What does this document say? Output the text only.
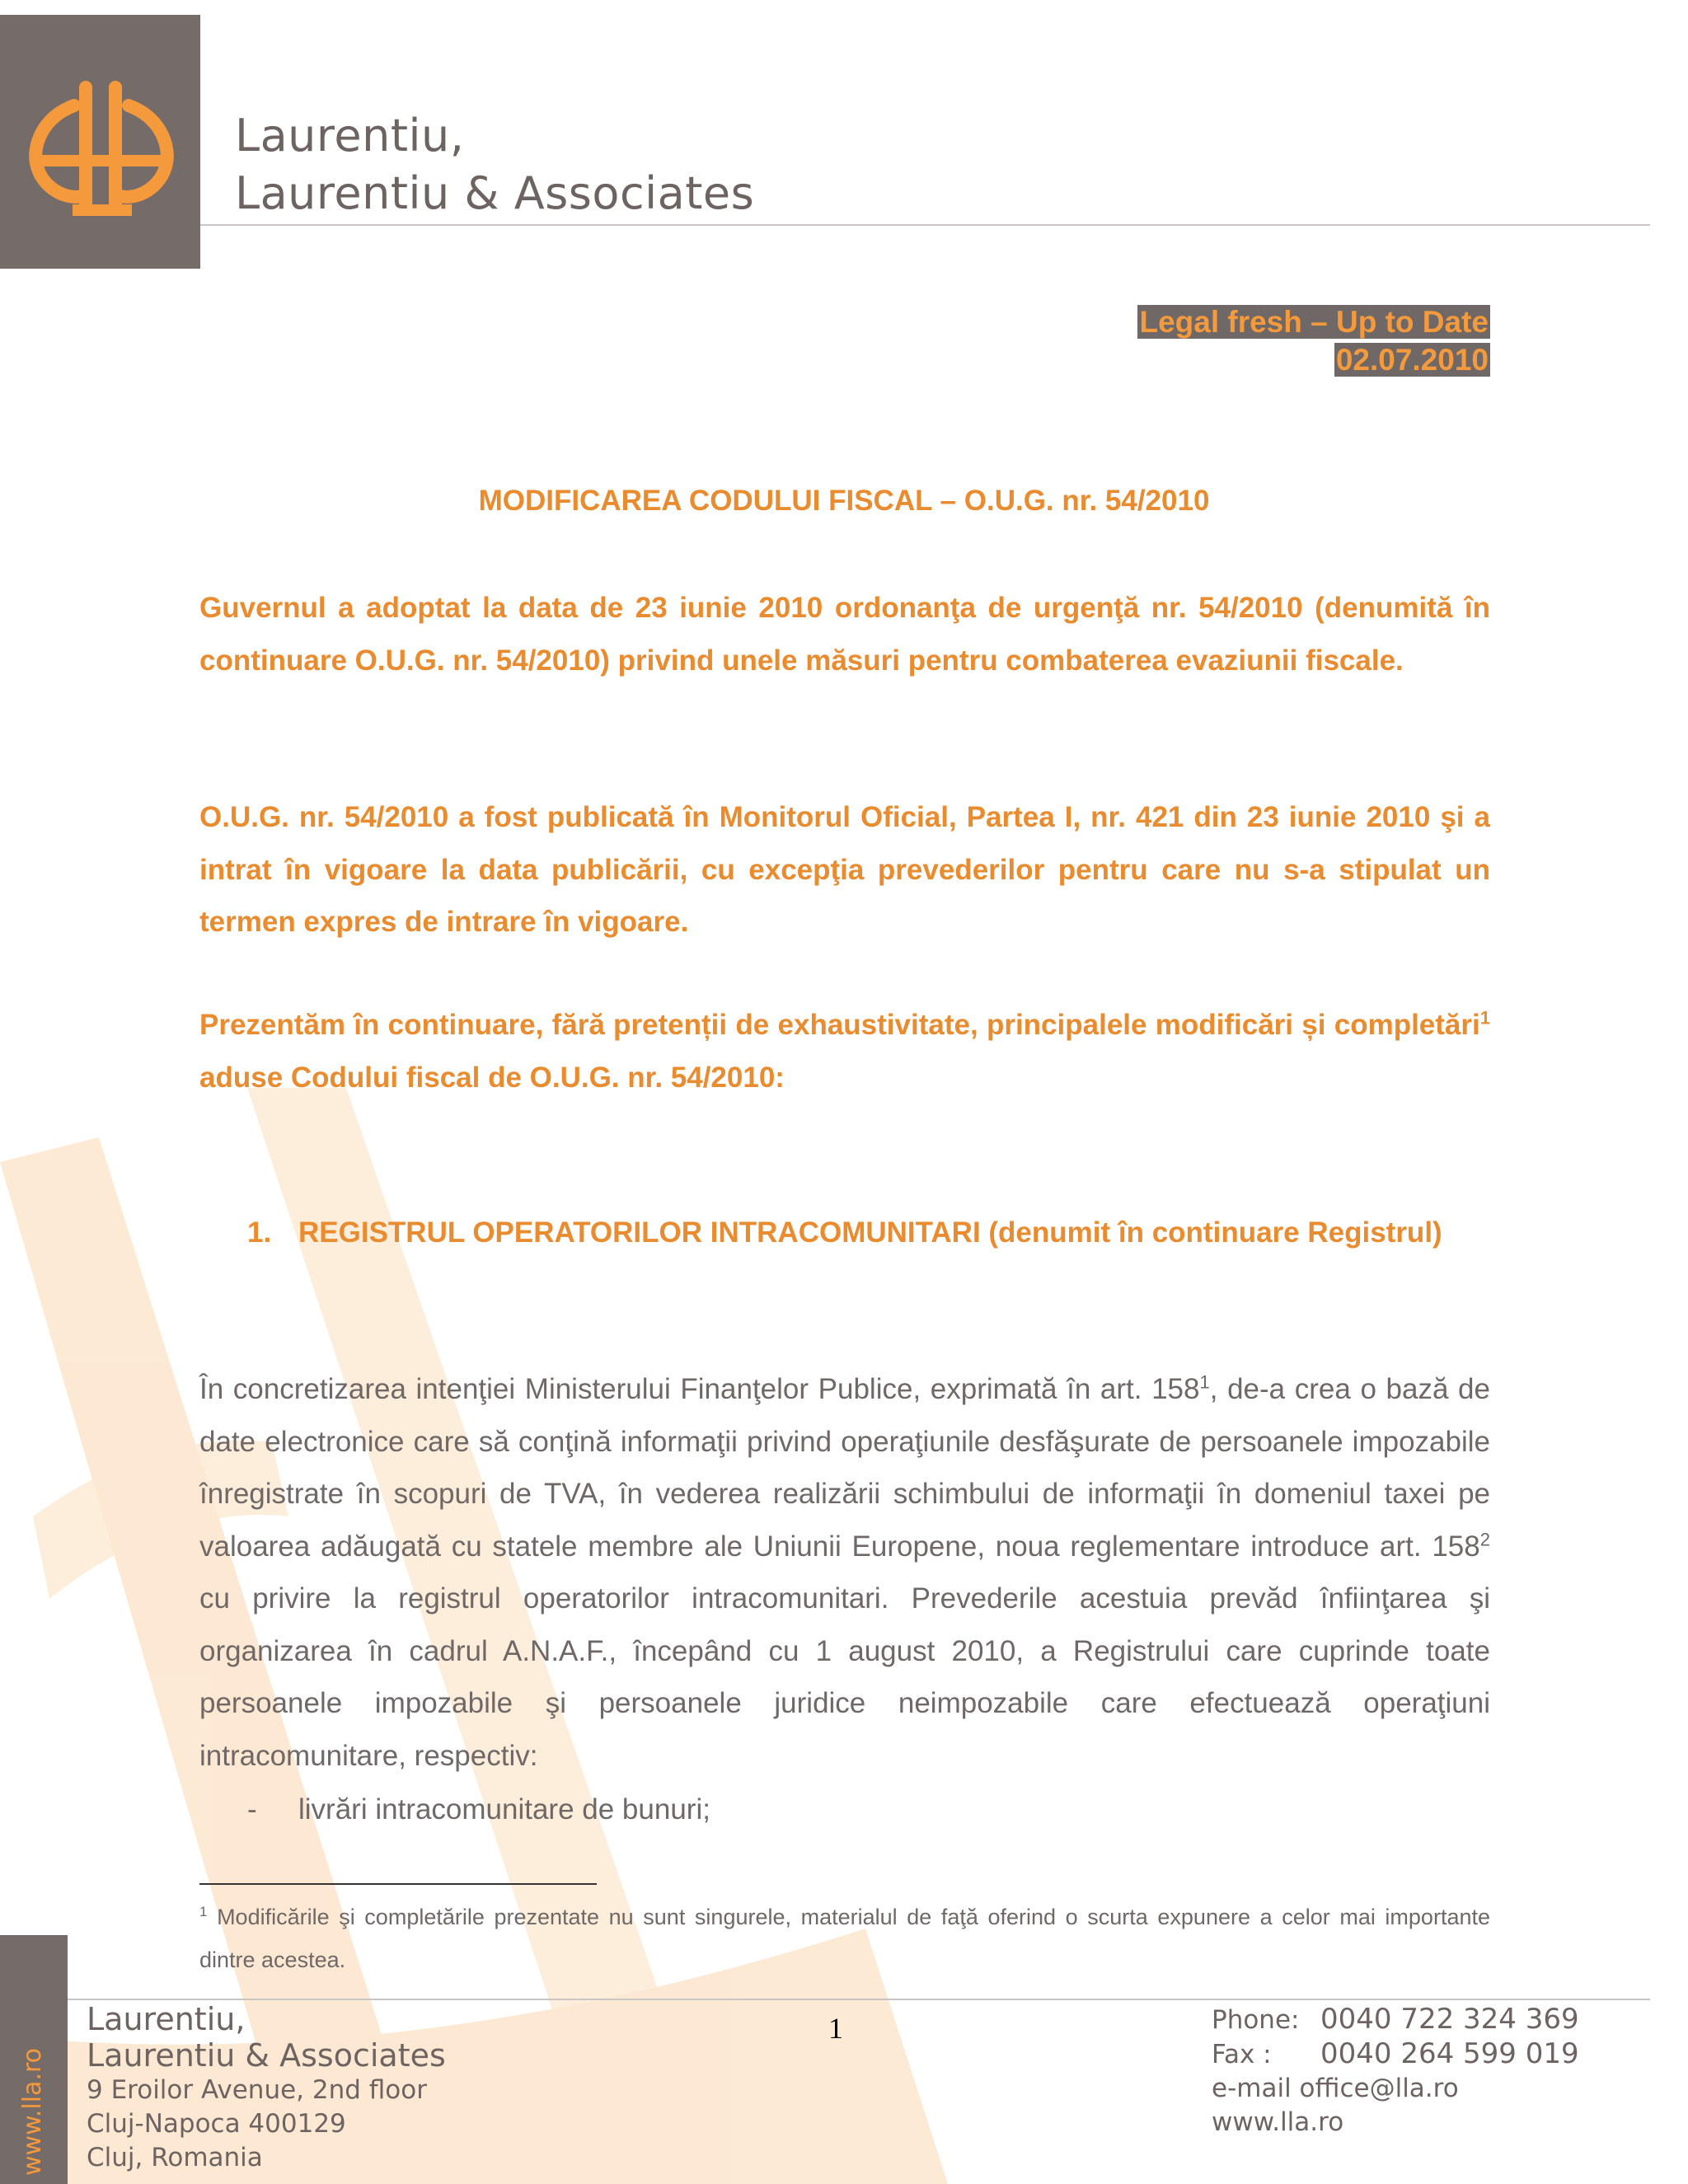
Laurentiu,
Laurentiu & Associates
Legal fresh – Up to Date
02.07.2010
MODIFICAREA CODULUI FISCAL – O.U.G. nr. 54/2010
Guvernul a adoptat la data de 23 iunie 2010 ordonanţa de urgenţă nr. 54/2010 (denumită în continuare O.U.G. nr. 54/2010) privind unele măsuri pentru combaterea evaziunii fiscale.
O.U.G. nr. 54/2010 a fost publicată în Monitorul Oficial, Partea I, nr. 421 din 23 iunie 2010 şi a intrat în vigoare la data publicării, cu excepţia prevederilor pentru care nu s-a stipulat un termen expres de intrare în vigoare.
Prezentăm în continuare, fără pretenții de exhaustivitate, principalele modificări și completări$^1$ aduse Codului fiscal de O.U.G. nr. 54/2010:
1. REGISTRUL OPERATORILOR INTRACOMUNITARI (denumit în continuare Registrul)
În concretizarea intenţiei Ministerului Finanţelor Publice, exprimată în art. $158^1$, de-a crea o bază de date electronice care să conţină informaţii privind operaţiunile desfăşurate de persoanele impozabile înregistrate în scopuri de TVA, în vederea realizării schimbului de informaţii în domeniul taxei pe valoarea adăugată cu statele membre ale Uniunii Europene, noua reglementare introduce art. $158^2$ cu privire la registrul operatorilor intracomunitari. Prevederile acestuia prevăd înfiinţarea şi organizarea în cadrul A.N.A.F., începând cu 1 august 2010, a Registrului care cuprinde toate persoanele impozabile şi persoanele juridice neimpozabile care efectuează operaţiuni intracomunitare, respectiv:
- livrări intracomunitare de bunuri;
$^1$ Modificările şi completările prezentate nu sunt singurele, materialul de faţă oferind o scurta expunere a celor mai importante dintre acestea.
www.lla.ro
1
Laurentiu,
Laurentiu & Associates
9 Eroilor Avenue, 2nd floor
Cluj-Napoca 400129
Cluj, Romania
Phone: 0040 722 324 369
Fax : 0040 264 599 019
e-mail office@lla.ro
www.lla.ro
